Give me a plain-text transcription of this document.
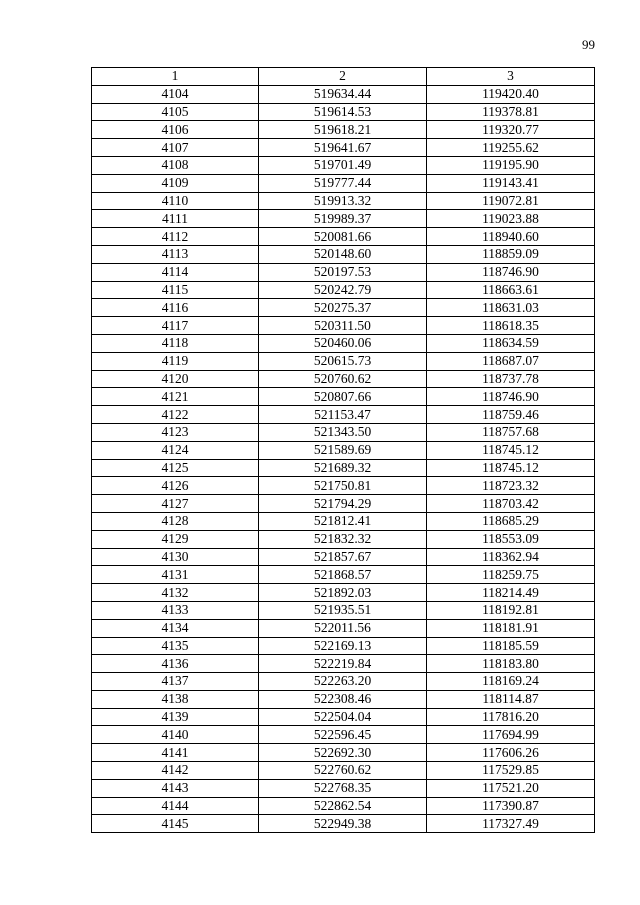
99
1	2	3
4104	519634.44	119420.40
4105	519614.53	119378.81
4106	519618.21	119320.77
4107	519641.67	119255.62
4108	519701.49	119195.90
4109	519777.44	119143.41
4110	519913.32	119072.81
4111	519989.37	119023.88
4112	520081.66	118940.60
4113	520148.60	118859.09
4114	520197.53	118746.90
4115	520242.79	118663.61
4116	520275.37	118631.03
4117	520311.50	118618.35
4118	520460.06	118634.59
4119	520615.73	118687.07
4120	520760.62	118737.78
4121	520807.66	118746.90
4122	521153.47	118759.46
4123	521343.50	118757.68
4124	521589.69	118745.12
4125	521689.32	118745.12
4126	521750.81	118723.32
4127	521794.29	118703.42
4128	521812.41	118685.29
4129	521832.32	118553.09
4130	521857.67	118362.94
4131	521868.57	118259.75
4132	521892.03	118214.49
4133	521935.51	118192.81
4134	522011.56	118181.91
4135	522169.13	118185.59
4136	522219.84	118183.80
4137	522263.20	118169.24
4138	522308.46	118114.87
4139	522504.04	117816.20
4140	522596.45	117694.99
4141	522692.30	117606.26
4142	522760.62	117529.85
4143	522768.35	117521.20
4144	522862.54	117390.87
4145	522949.38	117327.49
